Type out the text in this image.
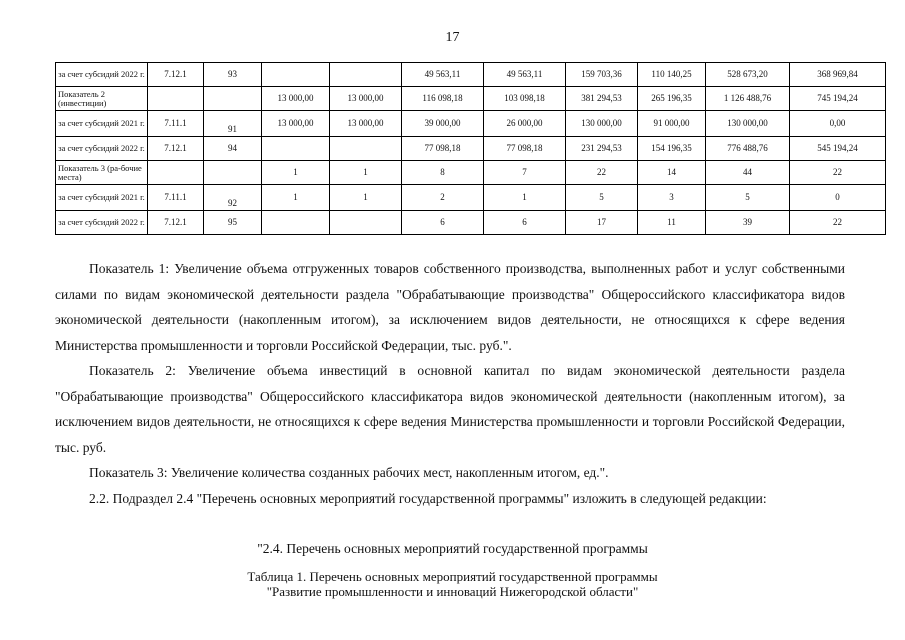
17
за счет субсидий 2022 г.	7.12.1	93			49 563,11	49 563,11	159 703,36	110 140,25	528 673,20	368 969,84
Показатель 2 (инвестиции)			13 000,00	13 000,00	116 098,18	103 098,18	381 294,53	265 196,35	1 126 488,76	745 194,24
за счет субсидий 2021 г.	7.11.1	91	13 000,00	13 000,00	39 000,00	26 000,00	130 000,00	91 000,00	130 000,00	0,00
за счет субсидий 2022 г.	7.12.1	94			77 098,18	77 098,18	231 294,53	154 196,35	776 488,76	545 194,24
Показатель 3 (ра-бочие места)			1	1	8	7	22	14	44	22
за счет субсидий 2021 г.	7.11.1	92	1	1	2	1	5	3	5	0
за счет субсидий 2022 г.	7.12.1	95			6	6	17	11	39	22

Показатель 1: Увеличение объема отгруженных товаров собственного производства, выполненных работ и услуг собственными силами по видам экономической деятельности раздела "Обрабатывающие производства" Общероссийского классификатора видов экономической деятельности (накопленным итогом), за исключением видов деятельности, не относящихся к сфере ведения Министерства промышленности и торговли Российской Федерации, тыс. руб.".

Показатель 2: Увеличение объема инвестиций в основной капитал по видам экономической деятельности раздела "Обрабатывающие производства" Общероссийского классификатора видов экономической деятельности (накопленным итогом), за исключением видов деятельности, не относящихся к сфере ведения Министерства промышленности и торговли Российской Федерации, тыс. руб.

Показатель 3: Увеличение количества созданных рабочих мест, накопленным итогом, ед.".

2.2. Подраздел 2.4 "Перечень основных мероприятий государственной программы" изложить в следующей редакции:

"2.4. Перечень основных мероприятий государственной программы
Таблица 1. Перечень основных мероприятий государственной программы
"Развитие промышленности и инноваций Нижегородской области"
